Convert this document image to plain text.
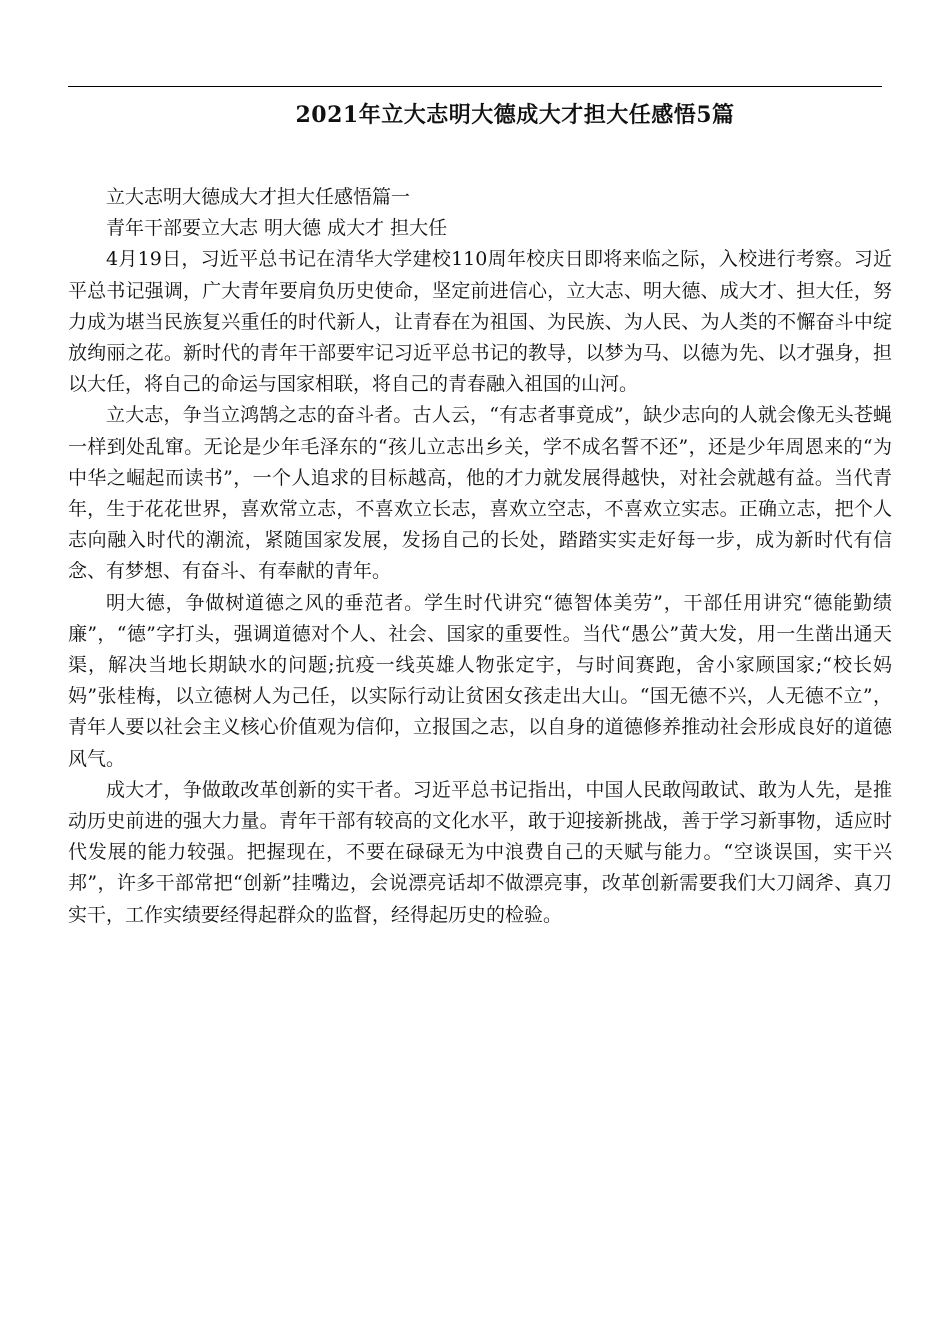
2021年立大志明大德成大才担大任感悟5篇

立大志明大德成大才担大任感悟篇一

青年干部要立大志 明大德 成大才 担大任

4月19日，习近平总书记在清华大学建校110周年校庆日即将来临之际，入校进行考察。习近平总书记强调，广大青年要肩负历史使命，坚定前进信心，立大志、明大德、成大才、担大任，努力成为堪当民族复兴重任的时代新人，让青春在为祖国、为民族、为人民、为人类的不懈奋斗中绽放绚丽之花。新时代的青年干部要牢记习近平总书记的教导，以梦为马、以德为先、以才强身，担以大任，将自己的命运与国家相联，将自己的青春融入祖国的山河。

立大志，争当立鸿鹄之志的奋斗者。古人云，“有志者事竟成”，缺少志向的人就会像无头苍蝇一样到处乱窜。无论是少年毛泽东的“孩儿立志出乡关，学不成名誓不还”，还是少年周恩来的“为中华之崛起而读书”，一个人追求的目标越高，他的才力就发展得越快，对社会就越有益。当代青年，生于花花世界，喜欢常立志，不喜欢立长志，喜欢立空志，不喜欢立实志。正确立志，把个人志向融入时代的潮流，紧随国家发展，发扬自己的长处，踏踏实实走好每一步，成为新时代有信念、有梦想、有奋斗、有奉献的青年。

明大德，争做树道德之风的垂范者。学生时代讲究“德智体美劳”，干部任用讲究“德能勤绩廉”，“德”字打头，强调道德对个人、社会、国家的重要性。当代“愚公”黄大发，用一生凿出通天渠，解决当地长期缺水的问题;抗疫一线英雄人物张定宇，与时间赛跑，舍小家顾国家;“校长妈妈”张桂梅，以立德树人为己任，以实际行动让贫困女孩走出大山。“国无德不兴，人无德不立”，青年人要以社会主义核心价值观为信仰，立报国之志，以自身的道德修养推动社会形成良好的道德风气。

成大才，争做敢改革创新的实干者。习近平总书记指出，中国人民敢闯敢试、敢为人先，是推动历史前进的强大力量。青年干部有较高的文化水平，敢于迎接新挑战，善于学习新事物，适应时代发展的能力较强。把握现在，不要在碌碌无为中浪费自己的天赋与能力。“空谈误国，实干兴邦”，许多干部常把“创新”挂嘴边，会说漂亮话却不做漂亮事，改革创新需要我们大刀阔斧、真刀实干，工作实绩要经得起群众的监督，经得起历史的检验。
